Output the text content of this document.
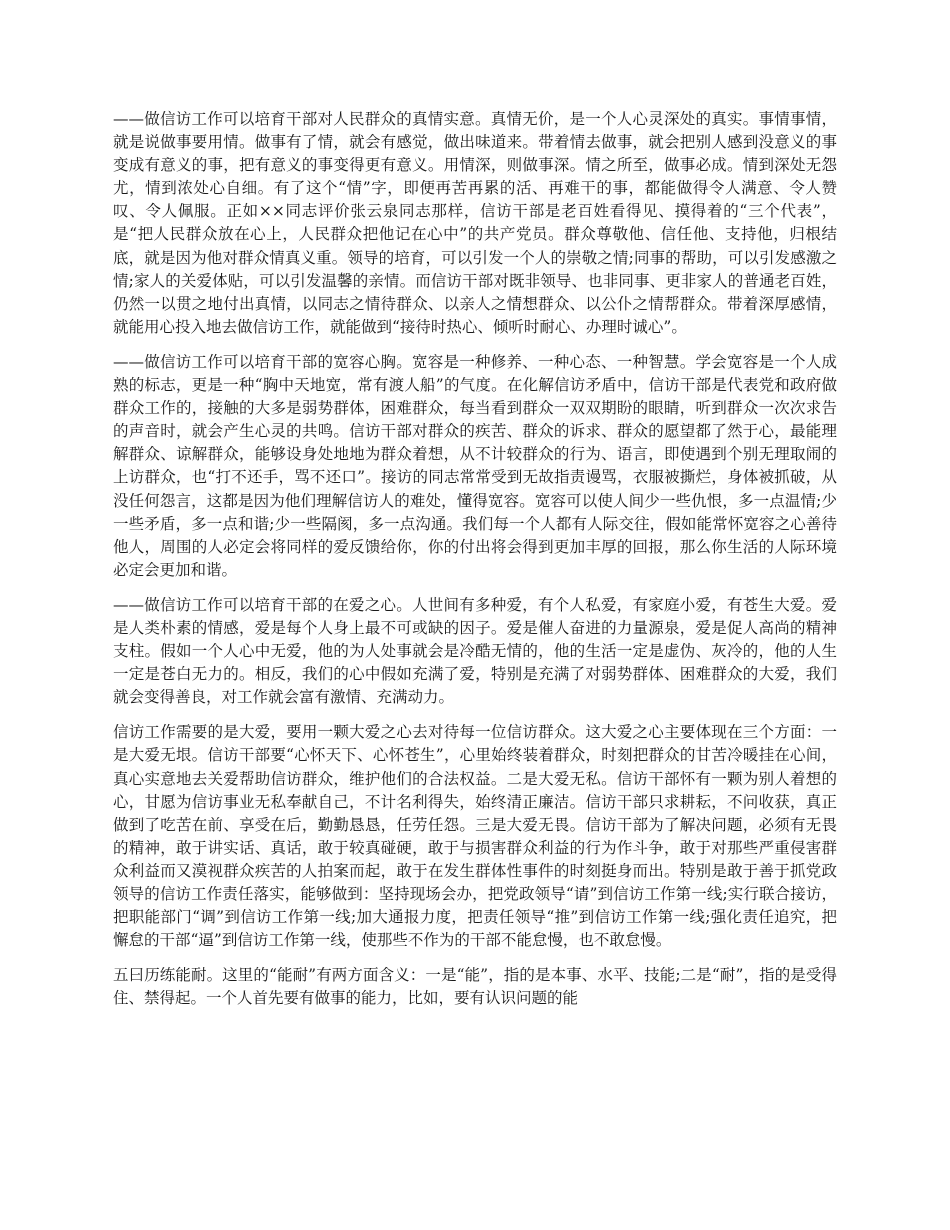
——做信访工作可以培育干部对人民群众的真情实意。真情无价，是一个人心灵深处的真实。事情事情，就是说做事要用情。做事有了情，就会有感觉，做出味道来。带着情去做事，就会把别人感到没意义的事变成有意义的事，把有意义的事变得更有意义。用情深，则做事深。情之所至，做事必成。情到深处无怨尤，情到浓处心自细。有了这个“情”字，即便再苦再累的活、再难干的事，都能做得令人满意、令人赞叹、令人佩服。正如××同志评价张云泉同志那样，信访干部是老百姓看得见、摸得着的“三个代表”，是“把人民群众放在心上，人民群众把他记在心中”的共产党员。群众尊敬他、信任他、支持他，归根结底，就是因为他对群众情真义重。领导的培育，可以引发一个人的崇敬之情;同事的帮助，可以引发感激之情;家人的关爱体贴，可以引发温馨的亲情。而信访干部对既非领导、也非同事、更非家人的普通老百姓，仍然一以贯之地付出真情，以同志之情待群众、以亲人之情想群众、以公仆之情帮群众。带着深厚感情，就能用心投入地去做信访工作，就能做到“接待时热心、倾听时耐心、办理时诚心”。

——做信访工作可以培育干部的宽容心胸。宽容是一种修养、一种心态、一种智慧。学会宽容是一个人成熟的标志，更是一种“胸中天地宽，常有渡人船”的气度。在化解信访矛盾中，信访干部是代表党和政府做群众工作的，接触的大多是弱势群体，困难群众，每当看到群众一双双期盼的眼睛，听到群众一次次求告的声音时，就会产生心灵的共鸣。信访干部对群众的疾苦、群众的诉求、群众的愿望都了然于心，最能理解群众、谅解群众，能够设身处地地为群众着想，从不计较群众的行为、语言，即使遇到个别无理取闹的上访群众，也“打不还手，骂不还口”。接访的同志常常受到无故指责谩骂，衣服被撕烂，身体被抓破，从没任何怨言，这都是因为他们理解信访人的难处，懂得宽容。宽容可以使人间少一些仇恨，多一点温情;少一些矛盾，多一点和谐;少一些隔阂，多一点沟通。我们每一个人都有人际交往，假如能常怀宽容之心善待他人，周围的人必定会将同样的爱反馈给你，你的付出将会得到更加丰厚的回报，那么你生活的人际环境必定会更加和谐。

——做信访工作可以培育干部的在爱之心。人世间有多种爱，有个人私爱，有家庭小爱，有苍生大爱。爱是人类朴素的情感，爱是每个人身上最不可或缺的因子。爱是催人奋进的力量源泉，爱是促人高尚的精神支柱。假如一个人心中无爱，他的为人处事就会是冷酷无情的，他的生活一定是虚伪、灰冷的，他的人生一定是苍白无力的。相反，我们的心中假如充满了爱，特别是充满了对弱势群体、困难群众的大爱，我们就会变得善良，对工作就会富有激情、充满动力。

信访工作需要的是大爱，要用一颗大爱之心去对待每一位信访群众。这大爱之心主要体现在三个方面：一是大爱无垠。信访干部要“心怀天下、心怀苍生”，心里始终装着群众，时刻把群众的甘苦冷暖挂在心间，真心实意地去关爱帮助信访群众，维护他们的合法权益。二是大爱无私。信访干部怀有一颗为别人着想的心，甘愿为信访事业无私奉献自己，不计名利得失，始终清正廉洁。信访干部只求耕耘，不问收获，真正做到了吃苦在前、享受在后，勤勤恳恳，任劳任怨。三是大爱无畏。信访干部为了解决问题，必须有无畏的精神，敢于讲实话、真话，敢于较真碰硬，敢于与损害群众利益的行为作斗争，敢于对那些严重侵害群众利益而又漠视群众疾苦的人拍案而起，敢于在发生群体性事件的时刻挺身而出。特别是敢于善于抓党政领导的信访工作责任落实，能够做到：坚持现场会办，把党政领导“请”到信访工作第一线;实行联合接访，把职能部门“调”到信访工作第一线;加大通报力度，把责任领导“推”到信访工作第一线;强化责任追究，把懈怠的干部“逼”到信访工作第一线，使那些不作为的干部不能怠慢，也不敢怠慢。

五曰历练能耐。这里的“能耐”有两方面含义：一是“能”，指的是本事、水平、技能;二是“耐”，指的是受得住、禁得起。一个人首先要有做事的能力，比如，要有认识问题的能
